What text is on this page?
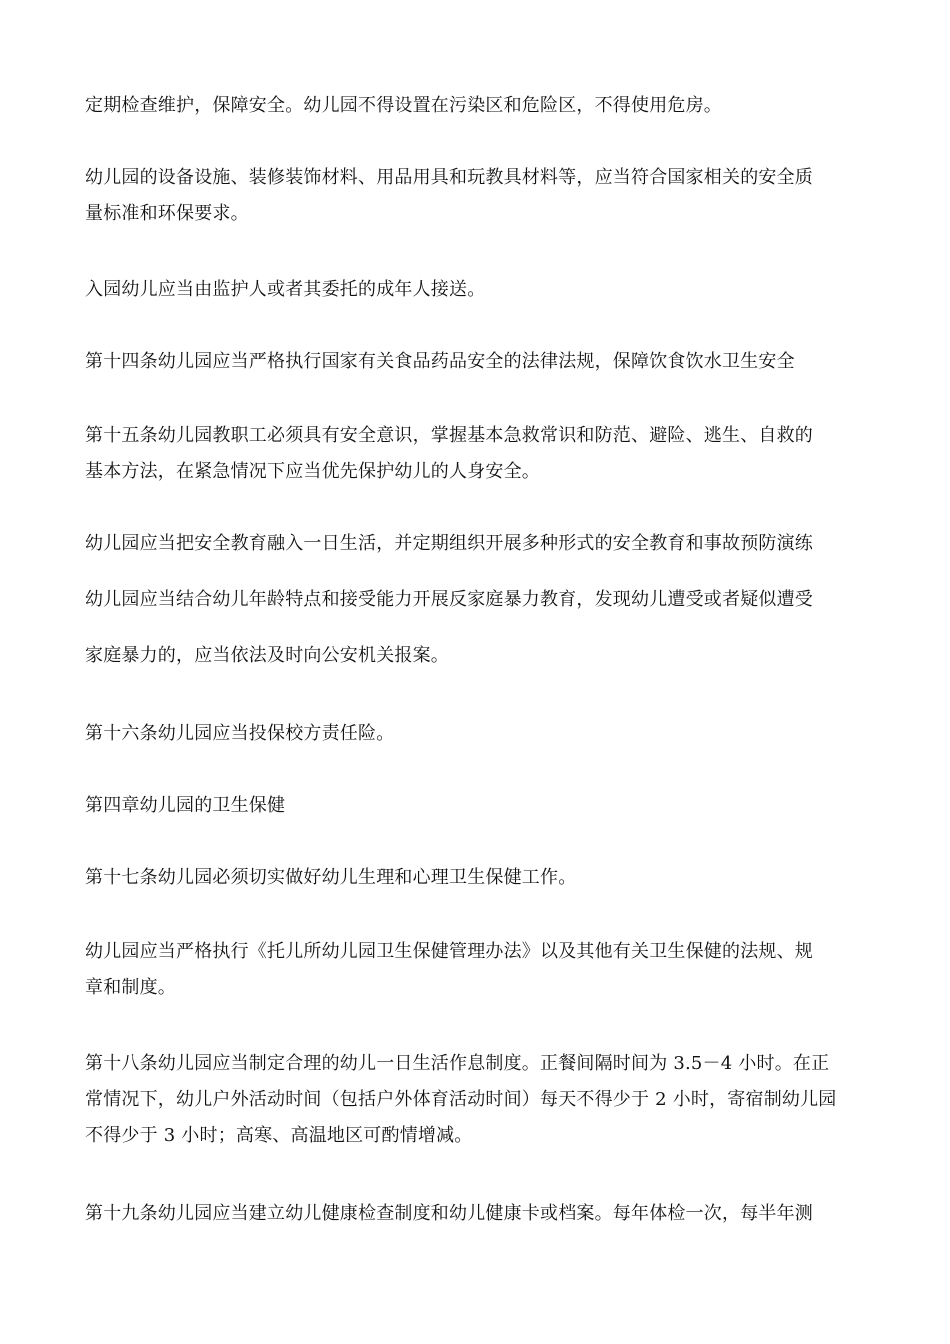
定期检查维护，保障安全。幼儿园不得设置在污染区和危险区，不得使用危房。

幼儿园的设备设施、装修装饰材料、用品用具和玩教具材料等，应当符合国家相关的安全质
量标准和环保要求。

入园幼儿应当由监护人或者其委托的成年人接送。

第十四条幼儿园应当严格执行国家有关食品药品安全的法律法规，保障饮食饮水卫生安全

第十五条幼儿园教职工必须具有安全意识，掌握基本急救常识和防范、避险、逃生、自救的
基本方法，在紧急情况下应当优先保护幼儿的人身安全。

幼儿园应当把安全教育融入一日生活，并定期组织开展多种形式的安全教育和事故预防演练

幼儿园应当结合幼儿年龄特点和接受能力开展反家庭暴力教育，发现幼儿遭受或者疑似遭受

家庭暴力的，应当依法及时向公安机关报案。

第十六条幼儿园应当投保校方责任险。

第四章幼儿园的卫生保健

第十七条幼儿园必须切实做好幼儿生理和心理卫生保健工作。

幼儿园应当严格执行《托儿所幼儿园卫生保健管理办法》以及其他有关卫生保健的法规、规
章和制度。

第十八条幼儿园应当制定合理的幼儿一日生活作息制度。正餐间隔时间为 3.5－4 小时。在正
常情况下，幼儿户外活动时间（包括户外体育活动时间）每天不得少于 2 小时，寄宿制幼儿园
不得少于 3 小时；高寒、高温地区可酌情增减。

第十九条幼儿园应当建立幼儿健康检查制度和幼儿健康卡或档案。每年体检一次，每半年测
